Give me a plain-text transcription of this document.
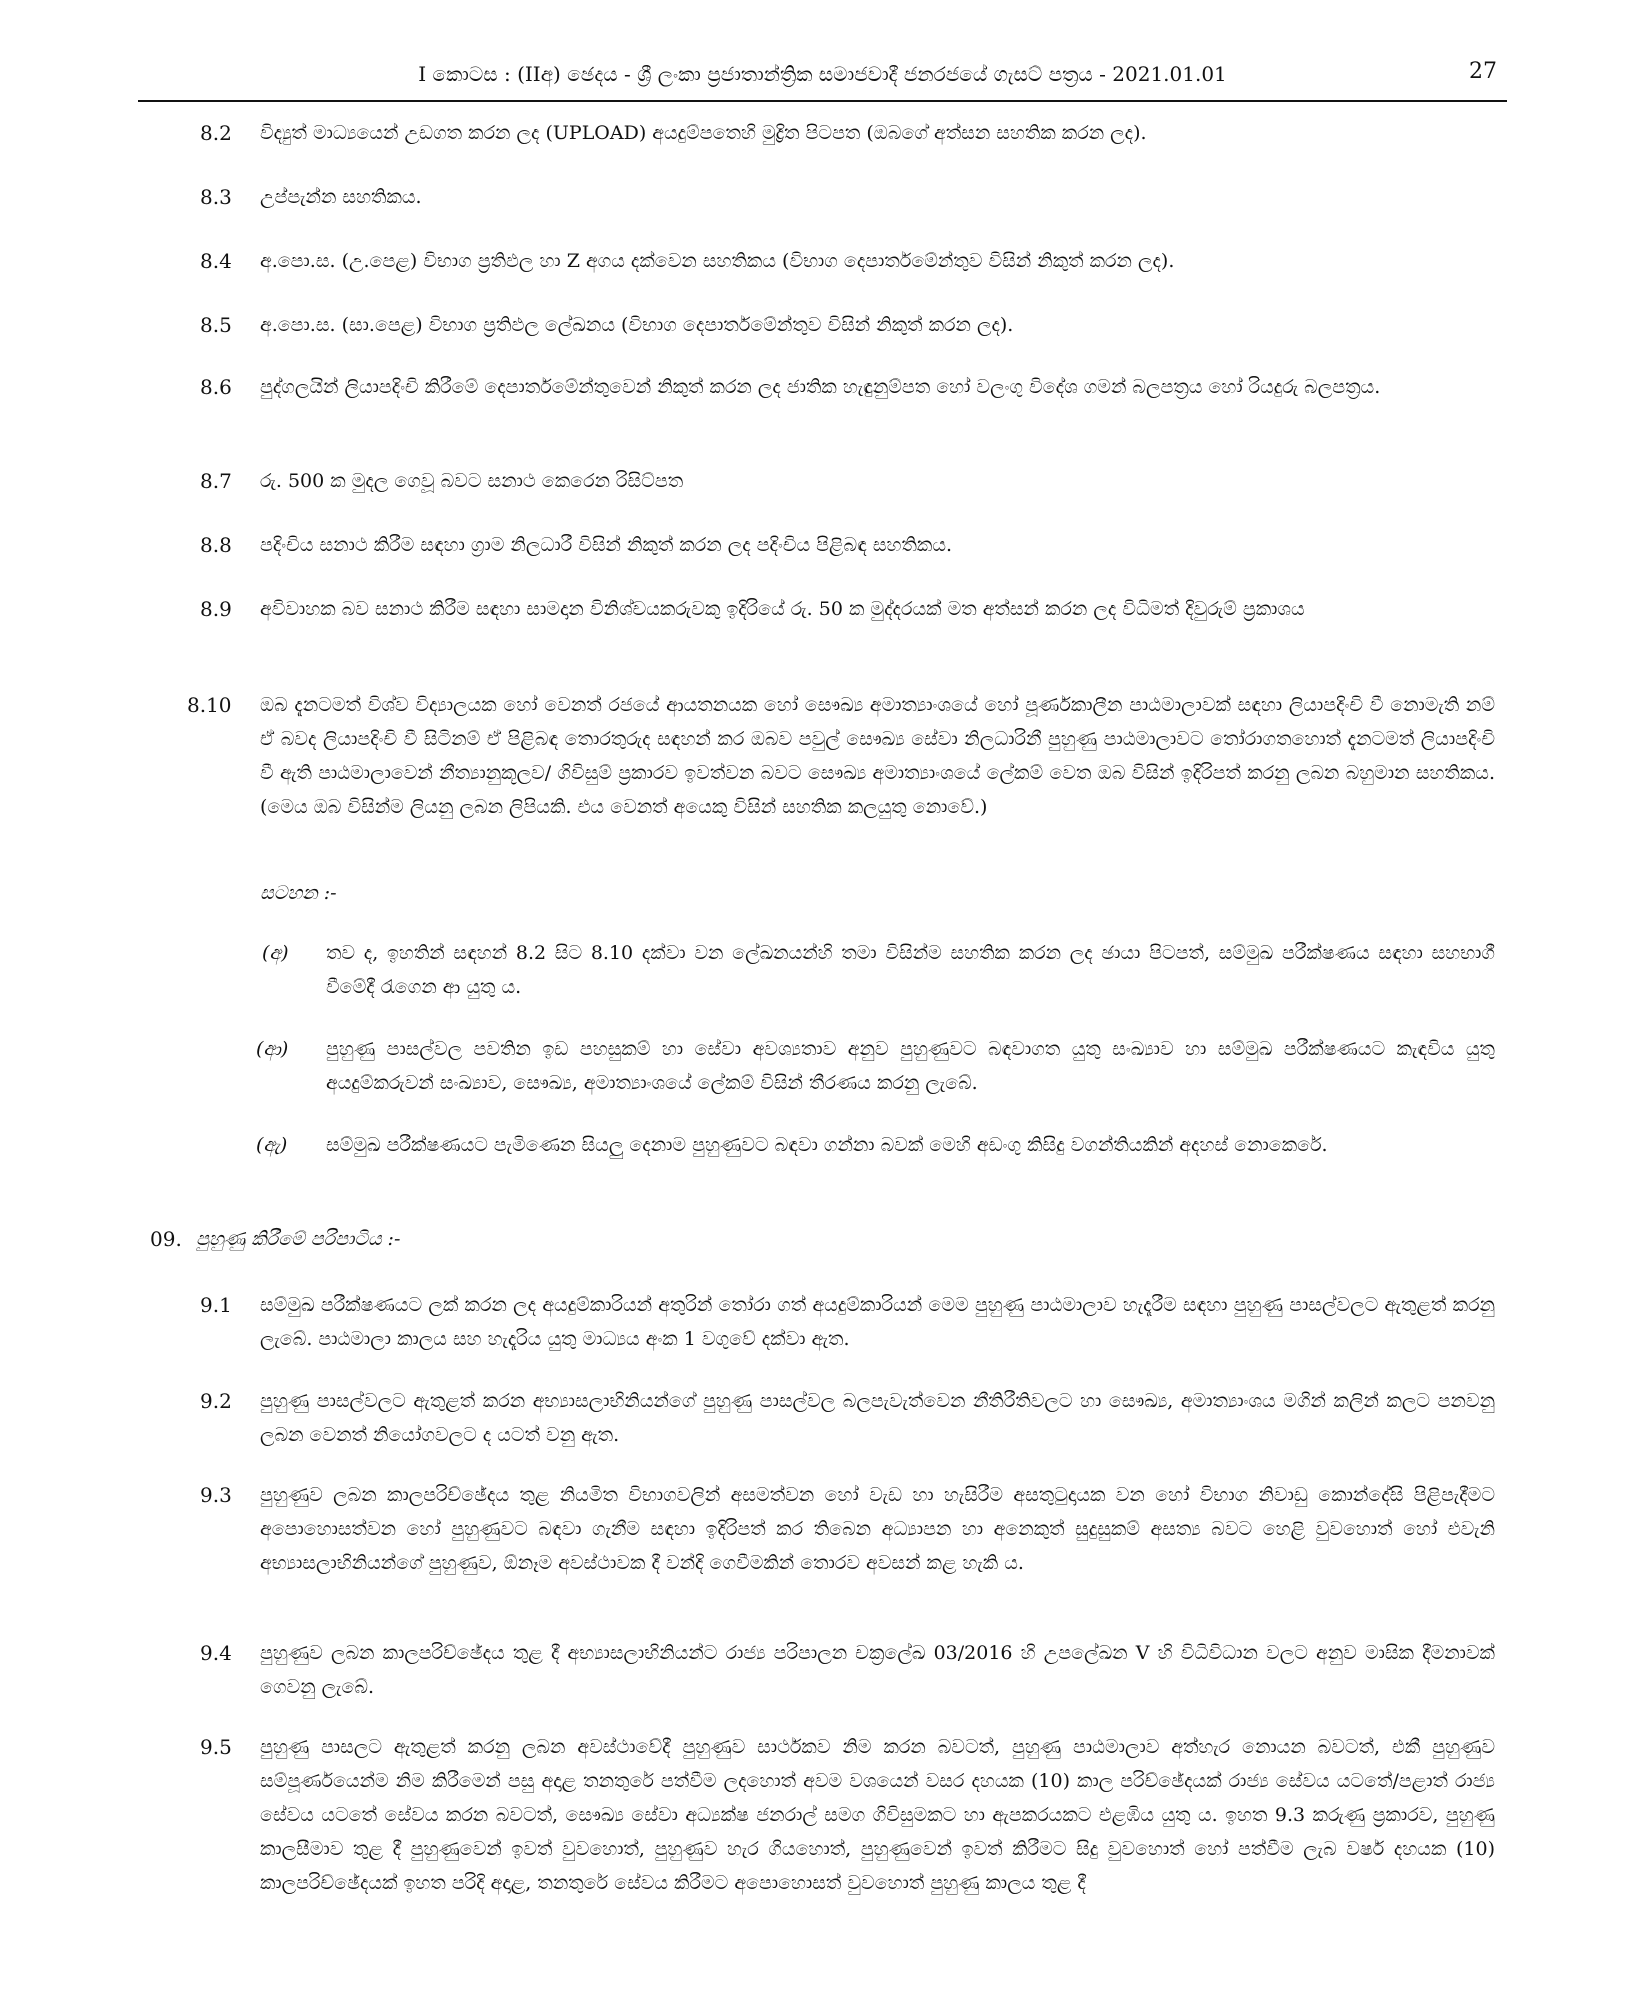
I කොටස : (IIඅ) ඡෙදය - ශ්‍රී ලංකා ප්‍රජාතාන්ත්‍රික සමාජවාදී ජනරජයේ ගැසට් පත්‍රය - 2021.01.01	27
8.2 විද්‍යුත් මාධ්‍යයෙන් උඩගත කරන ලද (UPLOAD) අයදුම්පතෙහි මුද්‍රිත පිටපත (ඔබගේ අත්සන සහතික කරන ලද).
8.3 උප්පැන්න සහතිකය.
8.4 අ.පො.ස. (උ.පෙළ) විභාග ප්‍රතිඵල හා Z අගය දක්වෙන සහතිකය (විභාග දෙපාර්තමේන්තුව විසින් නිකුත් කරන ලද).
8.5 අ.පො.ස. (සා.පෙළ) විභාග ප්‍රතිඵල ලේඛනය (විභාග දෙපාර්තමේන්තුව විසින් නිකුත් කරන ලද).
8.6 පුද්ගලයින් ලියාපදිංචි කිරීමේ දෙපාර්තමේන්තුවෙන් නිකුත් කරන ලද ජාතික හැඳුනුම්පත හෝ වලංගු විදේශ ගමන් බලපත්‍රය හෝ රියදුරු බලපත්‍රය.
8.7 රු. 500 ක මුදල ගෙවූ බවට සනාථ කෙරෙන රිසිට්පත
8.8 පදිංචිය සනාථ කිරීම සඳහා ග්‍රාම නිලධාරී විසින් නිකුත් කරන ලද පදිංචිය පිළිබඳ සහතිකය.
8.9 අවිවාහක බව සනාථ කිරීම සඳහා සාමදාන විනිශ්චයකරුවකු ඉදිරියේ රු. 50 ක මුද්දරයක් මත අත්සන් කරන ලද විධිමත් දිවුරුම් ප්‍රකාශය
8.10 ඔබ දැනටමත් විශ්ව විද්‍යාලයක හෝ වෙනත් රජයේ ආයතනයක හෝ සෞඛ්‍ය අමාත්‍යාංශයේ හෝ පූර්ණකාලීන පාඨමාලාවක් සඳහා ලියාපදිංචි වී නොමැති නම් ඒ බවද ලියාපදිංචි වී සිටිනම් ඒ පිළිබඳ තොරතුරුද සඳහන් කර ඔබව පවුල් සෞඛ්‍ය සේවා නිලධාරිනී පුහුණු පාඨමාලාවට තෝරාගතහොත් දැනටමත් ලියාපදිංචි වී ඇති පාඨමාලාවෙන් නීත්‍යානුකූලව/ ගිවිසුම් ප්‍රකාරව ඉවත්වන බවට සෞඛ්‍ය අමාත්‍යාංශයේ ලේකම් වෙත ඔබ විසින් ඉදිරිපත් කරනු ලබන බහුමාන සහතිකය. (මෙය ඔබ විසින්ම ලියනු ලබන ලිපියකි. එය වෙනත් අයෙකු විසින් සහතික කලයුතු නොවේ.)
සටහන :-
(අ) තව ද, ඉහතින් සඳහන් 8.2 සිට 8.10 දක්වා වන ලේඛනයන්හි තමා විසින්ම සහතික කරන ලද ඡායා පිටපත්, සම්මුඛ පරීක්ෂණය සඳහා සහභාගී වීමේදී රැගෙන ආ යුතු ය.
(ආ) පුහුණු පාසල්වල පවතින ඉඩ පහසුකම් හා සේවා අවශ්‍යතාව අනුව පුහුණුවට බඳවාගත යුතු සංඛ්‍යාව හා සම්මුඛ පරීක්ෂණයට කැඳවිය යුතු අයදුම්කරුවන් සංඛ්‍යාව, සෞඛ්‍ය, අමාත්‍යාංශයේ ලේකම් විසින් තීරණය කරනු ලැබේ.
(ඇ) සම්මුඛ පරීක්ෂණයට පැමිණෙන සියලු දෙනාම පුහුණුවට බඳවා ගන්නා බවක් මෙහි අඩංගු කිසිදු වගන්තියකින් අදහස් නොකෙරේ.
09. පුහුණු කිරීමේ පරිපාටිය :-
9.1 සම්මුඛ පරීක්ෂණයට ලක් කරන ලද අයදුම්කාරියන් අතුරින් තෝරා ගත් අයදුම්කාරියන් මෙම පුහුණු පාඨමාලාව හැදෑරීම සඳහා පුහුණු පාසල්වලට ඇතුළත් කරනු ලැබේ. පාඨමාලා කාලය සහ හැදෑරිය යුතු මාධ්‍යය අංක 1 වගුවේ දක්වා ඇත.
9.2 පුහුණු පාසල්වලට ඇතුළත් කරන අභ්‍යාසලාභිනියන්ගේ පුහුණු පාසල්වල බලපැවැත්වෙන නීතිරීතිවලට හා සෞඛ්‍ය, අමාත්‍යාංශය මගින් කලින් කලට පනවනු ලබන වෙනත් නියෝගවලට ද යටත් වනු ඇත.
9.3 පුහුණුව ලබන කාලපරිච්ඡේදය තුළ නියමිත විභාගවලින් අසමත්වන හෝ වැඩ හා හැසිරීම අසතුටුදායක වන හෝ විභාග නිවාඩු කොන්දේසි පිළිපැදීමට අපොහොසත්වන හෝ පුහුණුවට බඳවා ගැනීම සඳහා ඉදිරිපත් කර තිබෙන අධ්‍යාපන හා අනෙකුත් සුදුසුකම් අසත්‍ය බවට හෙළි වුවහොත් හෝ එවැනි අභ්‍යාසලාභිනියන්ගේ පුහුණුව, ඕනෑම අවස්ථාවක දී වන්දි ගෙවීමකින් තොරව අවසන් කළ හැකි ය.
9.4 පුහුණුව ලබන කාලපරිච්ඡේදය තුළ දී අභ්‍යාසලාභිනියන්ට රාජ්‍ය පරිපාලන චක්‍රලේඛ 03/2016 හි උපලේඛන V හි විධිවිධාන වලට අනුව මාසික දීමනාවක් ගෙවනු ලැබේ.
9.5 පුහුණු පාසලට ඇතුළත් කරනු ලබන අවස්ථාවේදී පුහුණුව සාර්ථකව නිම කරන බවටත්, පුහුණු පාඨමාලාව අත්හැර නොයන බවටත්, එකී පුහුණුව සම්පූර්ණයෙන්ම නිම කිරීමෙන් පසු අදාළ තනතුරේ පත්වීම ලදහොත් අවම වශයෙන් වසර දහයක (10) කාල පරිච්ඡේදයක් රාජ්‍ය සේවය යටතේ/පළාත් රාජ්‍ය සේවය යටතේ සේවය කරන බවටත්, සෞඛ්‍ය සේවා අධ්‍යක්ෂ ජනරාල් සමග ගිවිසුමකට හා ඇපකරයකට එළඹිය යුතු ය. ඉහත 9.3 කරුණු ප්‍රකාරව, පුහුණු කාලසීමාව තුළ දී පුහුණුවෙන් ඉවත් වුවහොත්, පුහුණුව හැර ගියහොත්, පුහුණුවෙන් ඉවත් කිරීමට සිදු වුවහොත් හෝ පත්වීම ලැබ වර්ෂ දහයක (10) කාලපරිච්ඡේදයක් ඉහත පරිදි අදාළ, තනතුරේ සේවය කිරීමට අපොහොසත් වුවහොත් පුහුණු කාලය තුළ දී
